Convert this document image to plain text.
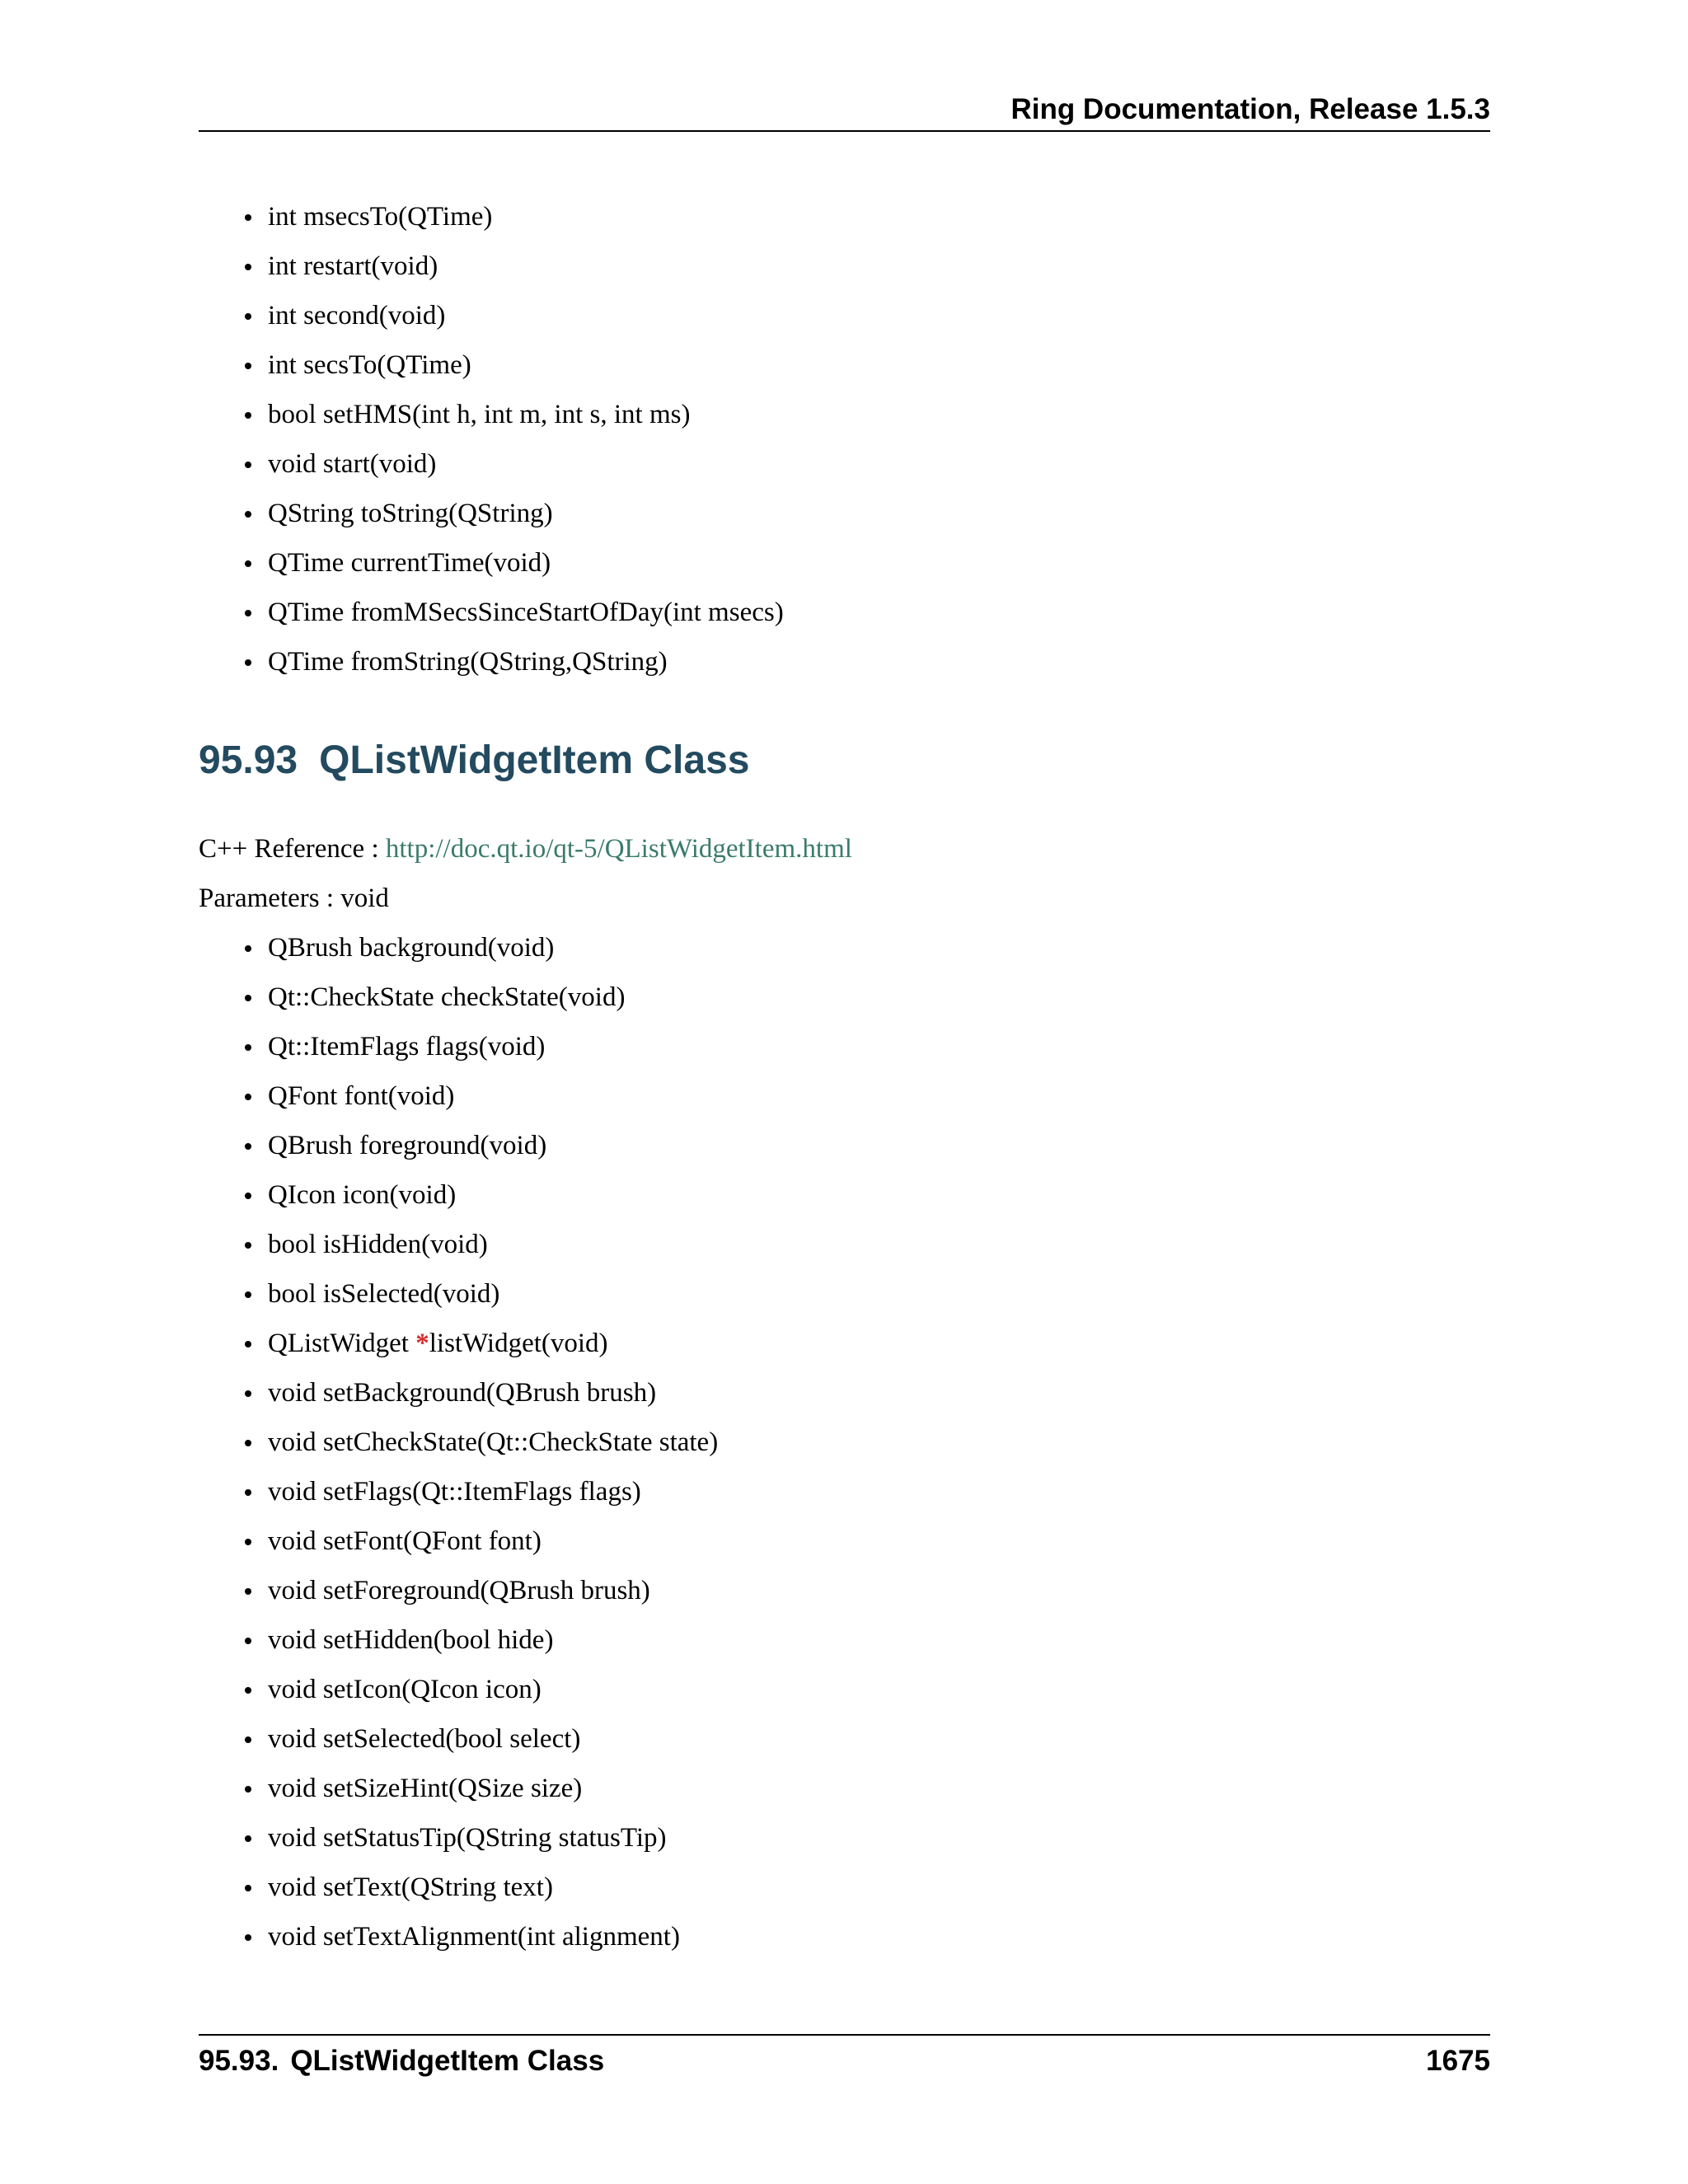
Ring Documentation, Release 1.5.3
int msecsTo(QTime)
int restart(void)
int second(void)
int secsTo(QTime)
bool setHMS(int h, int m, int s, int ms)
void start(void)
QString toString(QString)
QTime currentTime(void)
QTime fromMSecsSinceStartOfDay(int msecs)
QTime fromString(QString,QString)
95.93 QListWidgetItem Class
C++ Reference : http://doc.qt.io/qt-5/QListWidgetItem.html
Parameters : void
QBrush background(void)
Qt::CheckState checkState(void)
Qt::ItemFlags flags(void)
QFont font(void)
QBrush foreground(void)
QIcon icon(void)
bool isHidden(void)
bool isSelected(void)
QListWidget *listWidget(void)
void setBackground(QBrush brush)
void setCheckState(Qt::CheckState state)
void setFlags(Qt::ItemFlags flags)
void setFont(QFont font)
void setForeground(QBrush brush)
void setHidden(bool hide)
void setIcon(QIcon icon)
void setSelected(bool select)
void setSizeHint(QSize size)
void setStatusTip(QString statusTip)
void setText(QString text)
void setTextAlignment(int alignment)
95.93. QListWidgetItem Class	1675
